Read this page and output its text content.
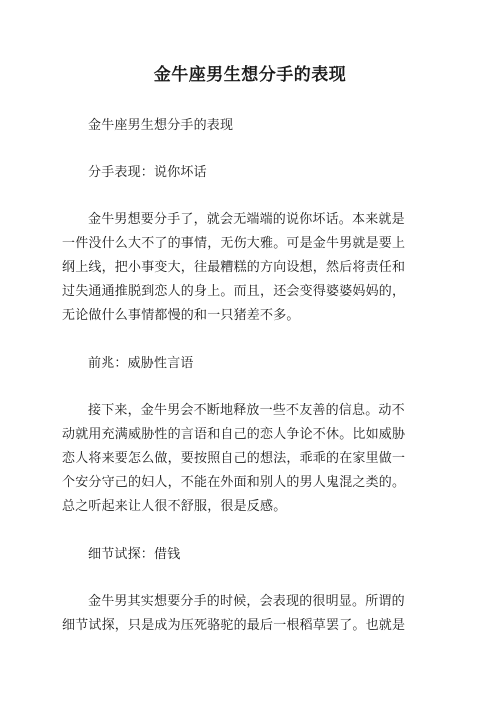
金牛座男生想分手的表现

金牛座男生想分手的表现

分手表现：说你坏话

金牛男想要分手了，就会无端端的说你坏话。本来就是

一件没什么大不了的事情，无伤大雅。可是金牛男就是要上

纲上线，把小事变大，往最糟糕的方向设想，然后将责任和

过失通通推脱到恋人的身上。而且，还会变得婆婆妈妈的，

无论做什么事情都慢的和一只猪差不多。

前兆：威胁性言语

接下来，金牛男会不断地释放一些不友善的信息。动不

动就用充满威胁性的言语和自己的恋人争论不休。比如威胁

恋人将来要怎么做，要按照自己的想法，乖乖的在家里做一

个安分守己的妇人，不能在外面和别人的男人鬼混之类的。

总之听起来让人很不舒服，很是反感。

细节试探：借钱

金牛男其实想要分手的时候，会表现的很明显。所谓的

细节试探，只是成为压死骆驼的最后一根稻草罢了。也就是
